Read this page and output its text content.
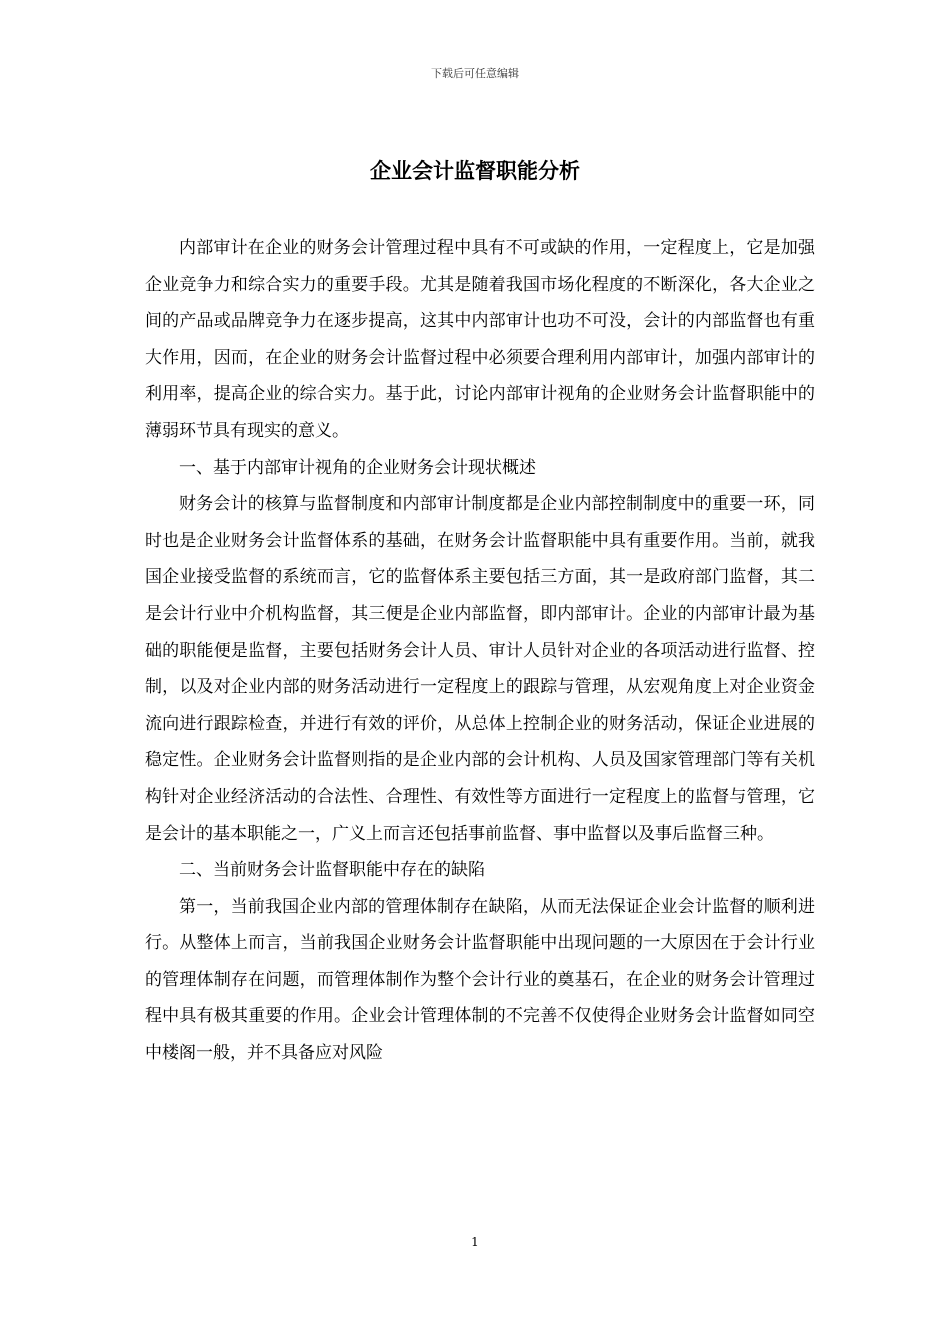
下载后可任意编辑
企业会计监督职能分析

内部审计在企业的财务会计管理过程中具有不可或缺的作用，一定程度上，它是加强企业竞争力和综合实力的重要手段。尤其是随着我国市场化程度的不断深化，各大企业之间的产品或品牌竞争力在逐步提高，这其中内部审计也功不可没，会计的内部监督也有重大作用，因而，在企业的财务会计监督过程中必须要合理利用内部审计，加强内部审计的利用率，提高企业的综合实力。基于此，讨论内部审计视角的企业财务会计监督职能中的薄弱环节具有现实的意义。

一、基于内部审计视角的企业财务会计现状概述

财务会计的核算与监督制度和内部审计制度都是企业内部控制制度中的重要一环，同时也是企业财务会计监督体系的基础，在财务会计监督职能中具有重要作用。当前，就我国企业接受监督的系统而言，它的监督体系主要包括三方面，其一是政府部门监督，其二是会计行业中介机构监督，其三便是企业内部监督，即内部审计。企业的内部审计最为基础的职能便是监督，主要包括财务会计人员、审计人员针对企业的各项活动进行监督、控制，以及对企业内部的财务活动进行一定程度上的跟踪与管理，从宏观角度上对企业资金流向进行跟踪检查，并进行有效的评价，从总体上控制企业的财务活动，保证企业进展的稳定性。企业财务会计监督则指的是企业内部的会计机构、人员及国家管理部门等有关机构针对企业经济活动的合法性、合理性、有效性等方面进行一定程度上的监督与管理，它是会计的基本职能之一，广义上而言还包括事前监督、事中监督以及事后监督三种。

二、当前财务会计监督职能中存在的缺陷

第一，当前我国企业内部的管理体制存在缺陷，从而无法保证企业会计监督的顺利进行。从整体上而言，当前我国企业财务会计监督职能中出现问题的一大原因在于会计行业的管理体制存在问题，而管理体制作为整个会计行业的奠基石，在企业的财务会计管理过程中具有极其重要的作用。企业会计管理体制的不完善不仅使得企业财务会计监督如同空中楼阁一般，并不具备应对风险

1
